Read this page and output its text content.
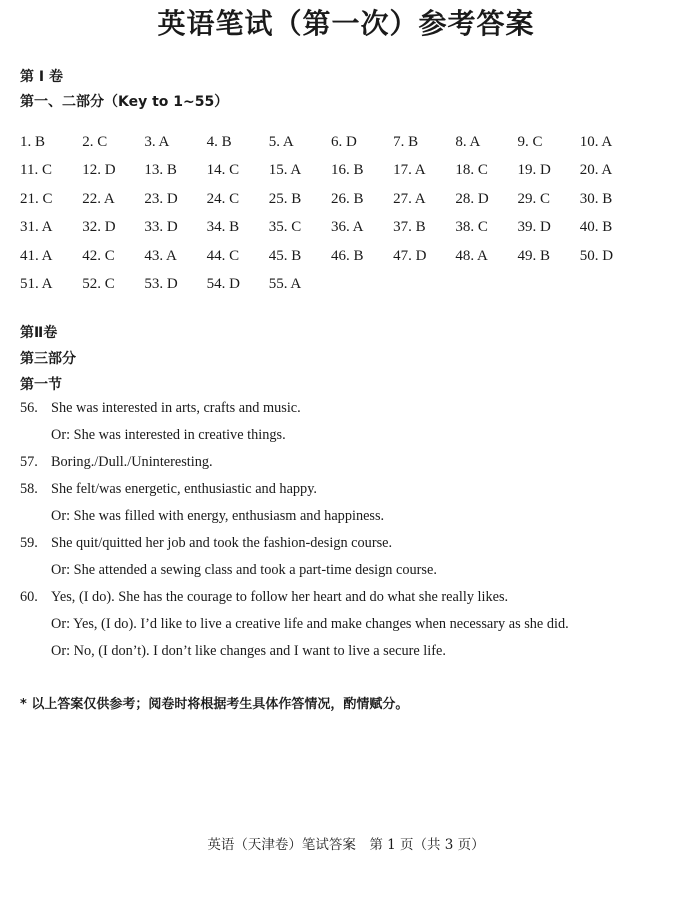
英语笔试（第一次）参考答案

第 I 卷

第一、二部分（Key to 1~55）

1. B	2. C	3. A	4. B	5. A	6. D	7. B	8. A	9. C	10. A
11. C	12. D	13. B	14. C	15. A	16. B	17. A	18. C	19. D	20. A
21. C	22. A	23. D	24. C	25. B	26. B	27. A	28. D	29. C	30. B
31. A	32. D	33. D	34. B	35. C	36. A	37. B	38. C	39. D	40. B
41. A	42. C	43. A	44. C	45. B	46. B	47. D	48. A	49. B	50. D
51. A	52. C	53. D	54. D	55. A

第Ⅱ卷

第三部分

第一节

56. She was interested in arts, crafts and music.

Or: She was interested in creative things.

57. Boring./Dull./Uninteresting.

58. She felt/was energetic, enthusiastic and happy.

Or: She was filled with energy, enthusiasm and happiness.

59. She quit/quitted her job and took the fashion-design course.

Or: She attended a sewing class and took a part-time design course.

60. Yes, (I do). She has the courage to follow her heart and do what she really likes.

Or: Yes, (I do). I’d like to live a creative life and make changes when necessary as she did.

Or: No, (I don’t). I don’t like changes and I want to live a secure life.

* 以上答案仅供参考；阅卷时将根据考生具体作答情况，酌情赋分。

英语（天津卷）笔试答案　第 1 页（共 3 页）
